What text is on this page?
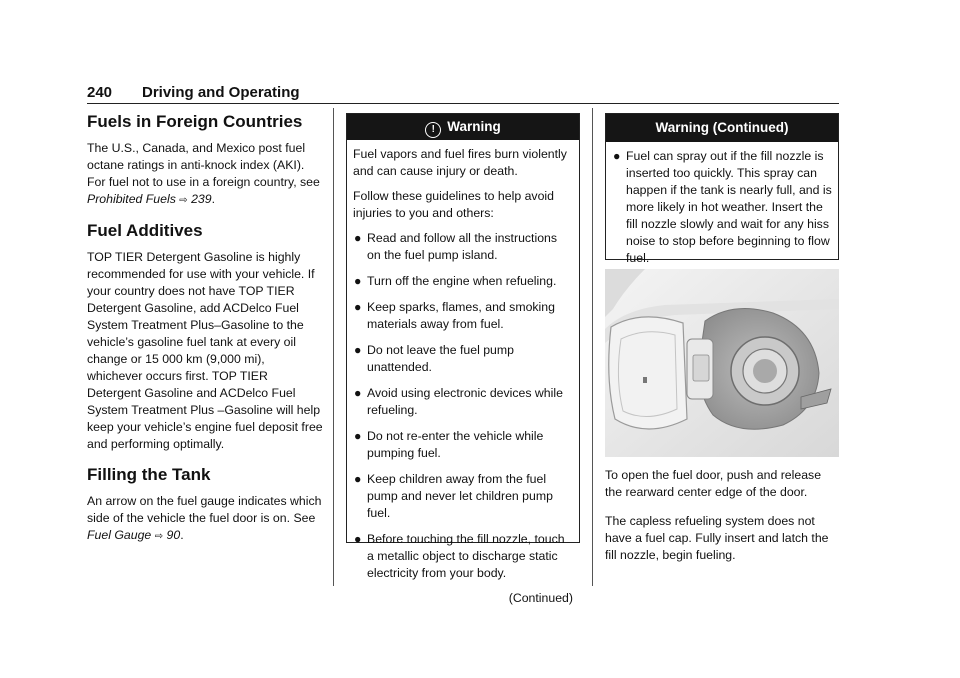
240 Driving and Operating
Fuels in Foreign Countries

The U.S., Canada, and Mexico post fuel octane ratings in anti-knock index (AKI). For fuel not to use in a foreign country, see Prohibited Fuels ⇨ 239.

Fuel Additives

TOP TIER Detergent Gasoline is highly recommended for use with your vehicle. If your country does not have TOP TIER Detergent Gasoline, add ACDelco Fuel System Treatment Plus–Gasoline to the vehicle’s gasoline fuel tank at every oil change or 15 000 km (9,000 mi), whichever occurs first. TOP TIER Detergent Gasoline and ACDelco Fuel System Treatment Plus –Gasoline will help keep your vehicle’s engine fuel deposit free and performing optimally.

Filling the Tank

An arrow on the fuel gauge indicates which side of the vehicle the fuel door is on. See Fuel Gauge ⇨ 90.

! Warning

Fuel vapors and fuel fires burn violently and can cause injury or death.

Follow these guidelines to help avoid injuries to you and others:

● Read and follow all the instructions on the fuel pump island.
● Turn off the engine when refueling.
● Keep sparks, flames, and smoking materials away from fuel.
● Do not leave the fuel pump unattended.
● Avoid using electronic devices while refueling.
● Do not re-enter the vehicle while pumping fuel.
● Keep children away from the fuel pump and never let children pump fuel.
● Before touching the fill nozzle, touch a metallic object to discharge static electricity from your body.
(Continued)
Warning (Continued)
● Fuel can spray out if the fill nozzle is inserted too quickly. This spray can happen if the tank is nearly full, and is more likely in hot weather. Insert the fill nozzle slowly and wait for any hiss noise to stop before beginning to flow fuel.

To open the fuel door, push and release the rearward center edge of the door.

The capless refueling system does not have a fuel cap. Fully insert and latch the fill nozzle, begin fueling.
